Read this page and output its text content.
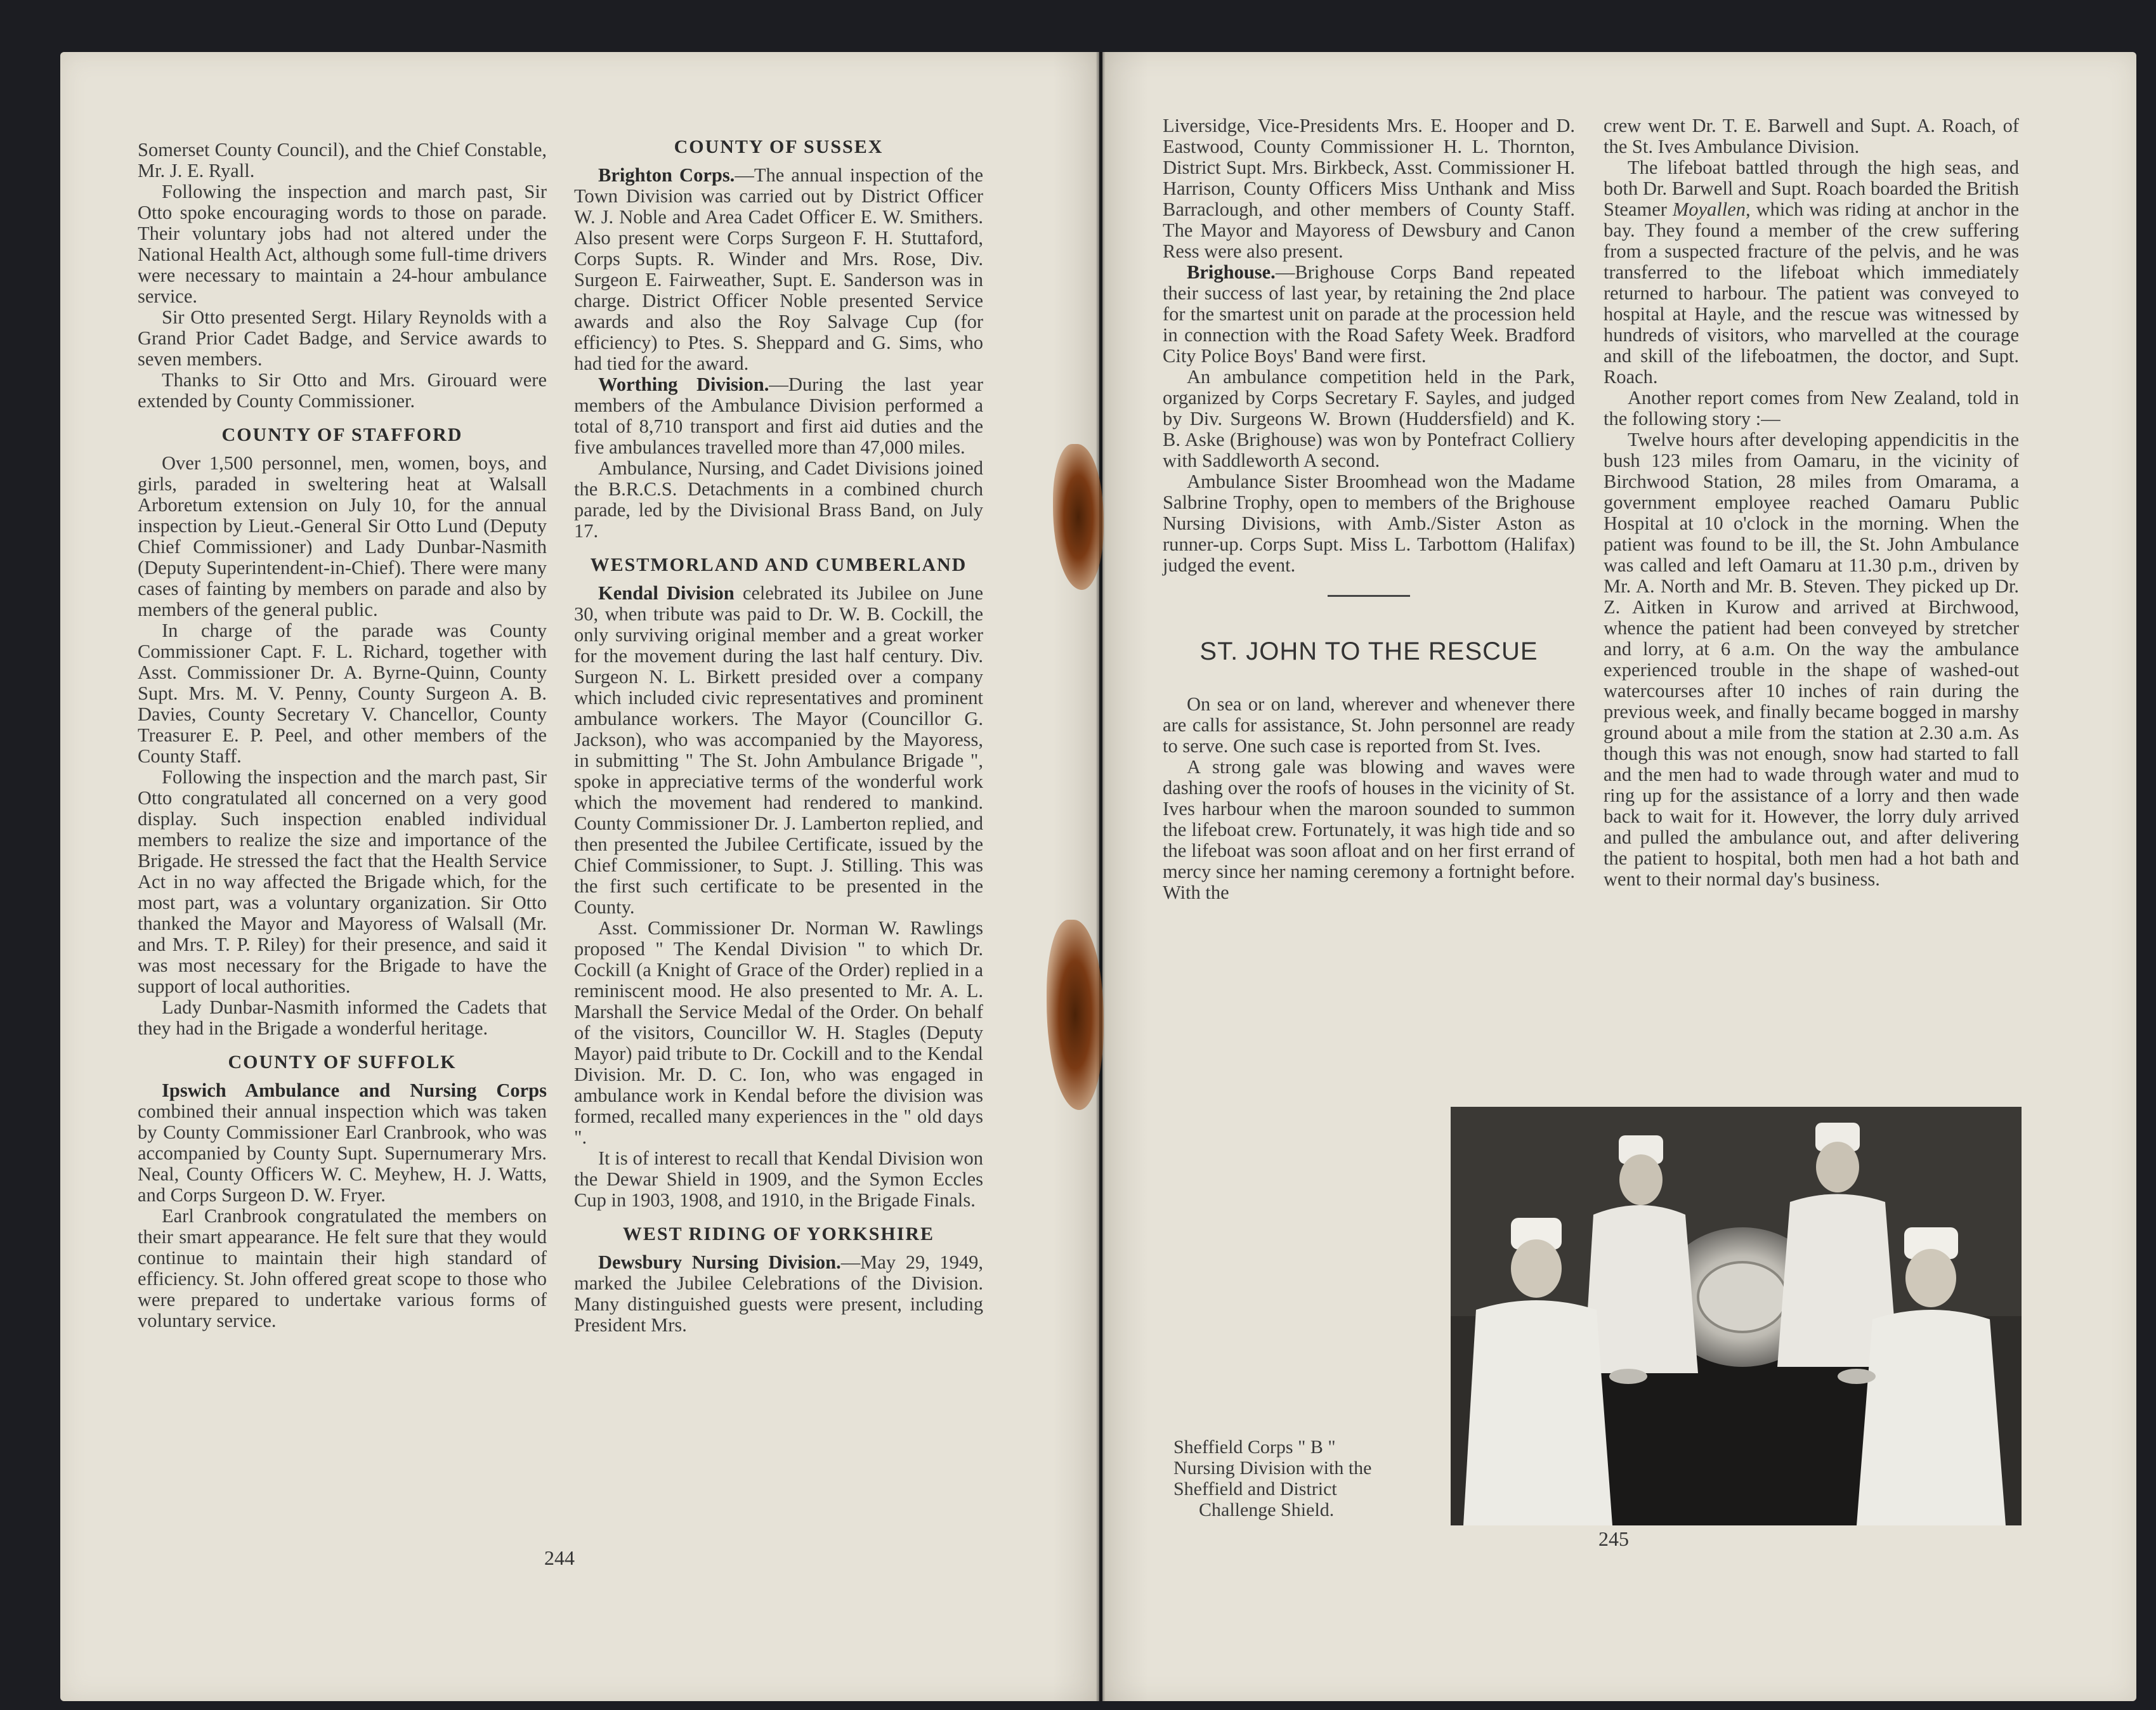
Somerset County Council), and the Chief Constable, Mr. J. E. Ryall.

Following the inspection and march past, Sir Otto spoke encouraging words to those on parade. Their voluntary jobs had not altered under the National Health Act, although some full-time drivers were necessary to maintain a 24-hour ambulance service.

Sir Otto presented Sergt. Hilary Reynolds with a Grand Prior Cadet Badge, and Service awards to seven members.

Thanks to Sir Otto and Mrs. Girouard were extended by County Commissioner.

COUNTY OF STAFFORD

Over 1,500 personnel, men, women, boys, and girls, paraded in sweltering heat at Walsall Arboretum extension on July 10, for the annual inspection by Lieut.-General Sir Otto Lund (Deputy Chief Commissioner) and Lady Dunbar-Nasmith (Deputy Superintendent-in-Chief). There were many cases of fainting by members on parade and also by members of the general public.

In charge of the parade was County Commissioner Capt. F. L. Richard, together with Asst. Commissioner Dr. A. Byrne-Quinn, County Supt. Mrs. M. V. Penny, County Surgeon A. B. Davies, County Secretary V. Chancellor, County Treasurer E. P. Peel, and other members of the County Staff.

Following the inspection and the march past, Sir Otto congratulated all concerned on a very good display. Such inspection enabled individual members to realize the size and importance of the Brigade. He stressed the fact that the Health Service Act in no way affected the Brigade which, for the most part, was a voluntary organization. Sir Otto thanked the Mayor and Mayoress of Walsall (Mr. and Mrs. T. P. Riley) for their presence, and said it was most necessary for the Brigade to have the support of local authorities.

Lady Dunbar-Nasmith informed the Cadets that they had in the Brigade a wonderful heritage.

COUNTY OF SUFFOLK

Ipswich Ambulance and Nursing Corps combined their annual inspection which was taken by County Commissioner Earl Cranbrook, who was accompanied by County Supt. Supernumerary Mrs. Neal, County Officers W. C. Meyhew, H. J. Watts, and Corps Surgeon D. W. Fryer.

Earl Cranbrook congratulated the members on their smart appearance. He felt sure that they would continue to maintain their high standard of efficiency. St. John offered great scope to those who were prepared to undertake various forms of voluntary service.

COUNTY OF SUSSEX

Brighton Corps.—The annual inspection of the Town Division was carried out by District Officer W. J. Noble and Area Cadet Officer E. W. Smithers. Also present were Corps Surgeon F. H. Stuttaford, Corps Supts. R. Winder and Mrs. Rose, Div. Surgeon E. Fairweather, Supt. E. Sanderson was in charge. District Officer Noble presented Service awards and also the Roy Salvage Cup (for efficiency) to Ptes. S. Sheppard and G. Sims, who had tied for the award.

Worthing Division.—During the last year members of the Ambulance Division performed a total of 8,710 transport and first aid duties and the five ambulances travelled more than 47,000 miles.

Ambulance, Nursing, and Cadet Divisions joined the B.R.C.S. Detachments in a combined church parade, led by the Divisional Brass Band, on July 17.

WESTMORLAND AND CUMBERLAND

Kendal Division celebrated its Jubilee on June 30, when tribute was paid to Dr. W. B. Cockill, the only surviving original member and a great worker for the movement during the last half century. Div. Surgeon N. L. Birkett presided over a company which included civic representatives and prominent ambulance workers. The Mayor (Councillor G. Jackson), who was accompanied by the Mayoress, in submitting " The St. John Ambulance Brigade ", spoke in appreciative terms of the wonderful work which the movement had rendered to mankind. County Commissioner Dr. J. Lamberton replied, and then presented the Jubilee Certificate, issued by the Chief Commissioner, to Supt. J. Stilling. This was the first such certificate to be presented in the County.

Asst. Commissioner Dr. Norman W. Rawlings proposed " The Kendal Division " to which Dr. Cockill (a Knight of Grace of the Order) replied in a reminiscent mood. He also presented to Mr. A. L. Marshall the Service Medal of the Order. On behalf of the visitors, Councillor W. H. Stagles (Deputy Mayor) paid tribute to Dr. Cockill and to the Kendal Division. Mr. D. C. Ion, who was engaged in ambulance work in Kendal before the division was formed, recalled many experiences in the " old days ".

It is of interest to recall that Kendal Division won the Dewar Shield in 1909, and the Symon Eccles Cup in 1903, 1908, and 1910, in the Brigade Finals.

WEST RIDING OF YORKSHIRE

Dewsbury Nursing Division.—May 29, 1949, marked the Jubilee Celebrations of the Division. Many distinguished guests were present, including President Mrs.

244

Liversidge, Vice-Presidents Mrs. E. Hooper and D. Eastwood, County Commissioner H. L. Thornton, District Supt. Mrs. Birkbeck, Asst. Commissioner H. Harrison, County Officers Miss Unthank and Miss Barraclough, and other members of County Staff. The Mayor and Mayoress of Dewsbury and Canon Ress were also present.

Brighouse.—Brighouse Corps Band repeated their success of last year, by retaining the 2nd place for the smartest unit on parade at the procession held in connection with the Road Safety Week. Bradford City Police Boys' Band were first.

An ambulance competition held in the Park, organized by Corps Secretary F. Sayles, and judged by Div. Surgeons W. Brown (Huddersfield) and K. B. Aske (Brighouse) was won by Pontefract Colliery with Saddleworth A second.

Ambulance Sister Broomhead won the Madame Salbrine Trophy, open to members of the Brighouse Nursing Divisions, with Amb./Sister Aston as runner-up. Corps Supt. Miss L. Tarbottom (Halifax) judged the event.

ST. JOHN TO THE RESCUE

On sea or on land, wherever and whenever there are calls for assistance, St. John personnel are ready to serve. One such case is reported from St. Ives.

A strong gale was blowing and waves were dashing over the roofs of houses in the vicinity of St. Ives harbour when the maroon sounded to summon the lifeboat crew. Fortunately, it was high tide and so the lifeboat was soon afloat and on her first errand of mercy since her naming ceremony a fortnight before. With the

crew went Dr. T. E. Barwell and Supt. A. Roach, of the St. Ives Ambulance Division.

The lifeboat battled through the high seas, and both Dr. Barwell and Supt. Roach boarded the British Steamer Moyallen, which was riding at anchor in the bay. They found a member of the crew suffering from a suspected fracture of the pelvis, and he was transferred to the lifeboat which immediately returned to harbour. The patient was conveyed to hospital at Hayle, and the rescue was witnessed by hundreds of visitors, who marvelled at the courage and skill of the lifeboatmen, the doctor, and Supt. Roach.

Another report comes from New Zealand, told in the following story :—

Twelve hours after developing appendicitis in the bush 123 miles from Oamaru, in the vicinity of Birchwood Station, 28 miles from Omarama, a government employee reached Oamaru Public Hospital at 10 o'clock in the morning. When the patient was found to be ill, the St. John Ambulance was called and left Oamaru at 11.30 p.m., driven by Mr. A. North and Mr. B. Steven. They picked up Dr. Z. Aitken in Kurow and arrived at Birchwood, whence the patient had been conveyed by stretcher and lorry, at 6 a.m. On the way the ambulance experienced trouble in the shape of washed-out watercourses after 10 inches of rain during the previous week, and finally became bogged in marshy ground about a mile from the station at 2.30 a.m. As though this was not enough, snow had started to fall and the men had to wade through water and mud to ring up for the assistance of a lorry and then wade back to wait for it. However, the lorry duly arrived and pulled the ambulance out, and after delivering the patient to hospital, both men had a hot bath and went to their normal day's business.

Sheffield Corps " B "
Nursing Division with the
Sheffield and District
Challenge Shield.
245
